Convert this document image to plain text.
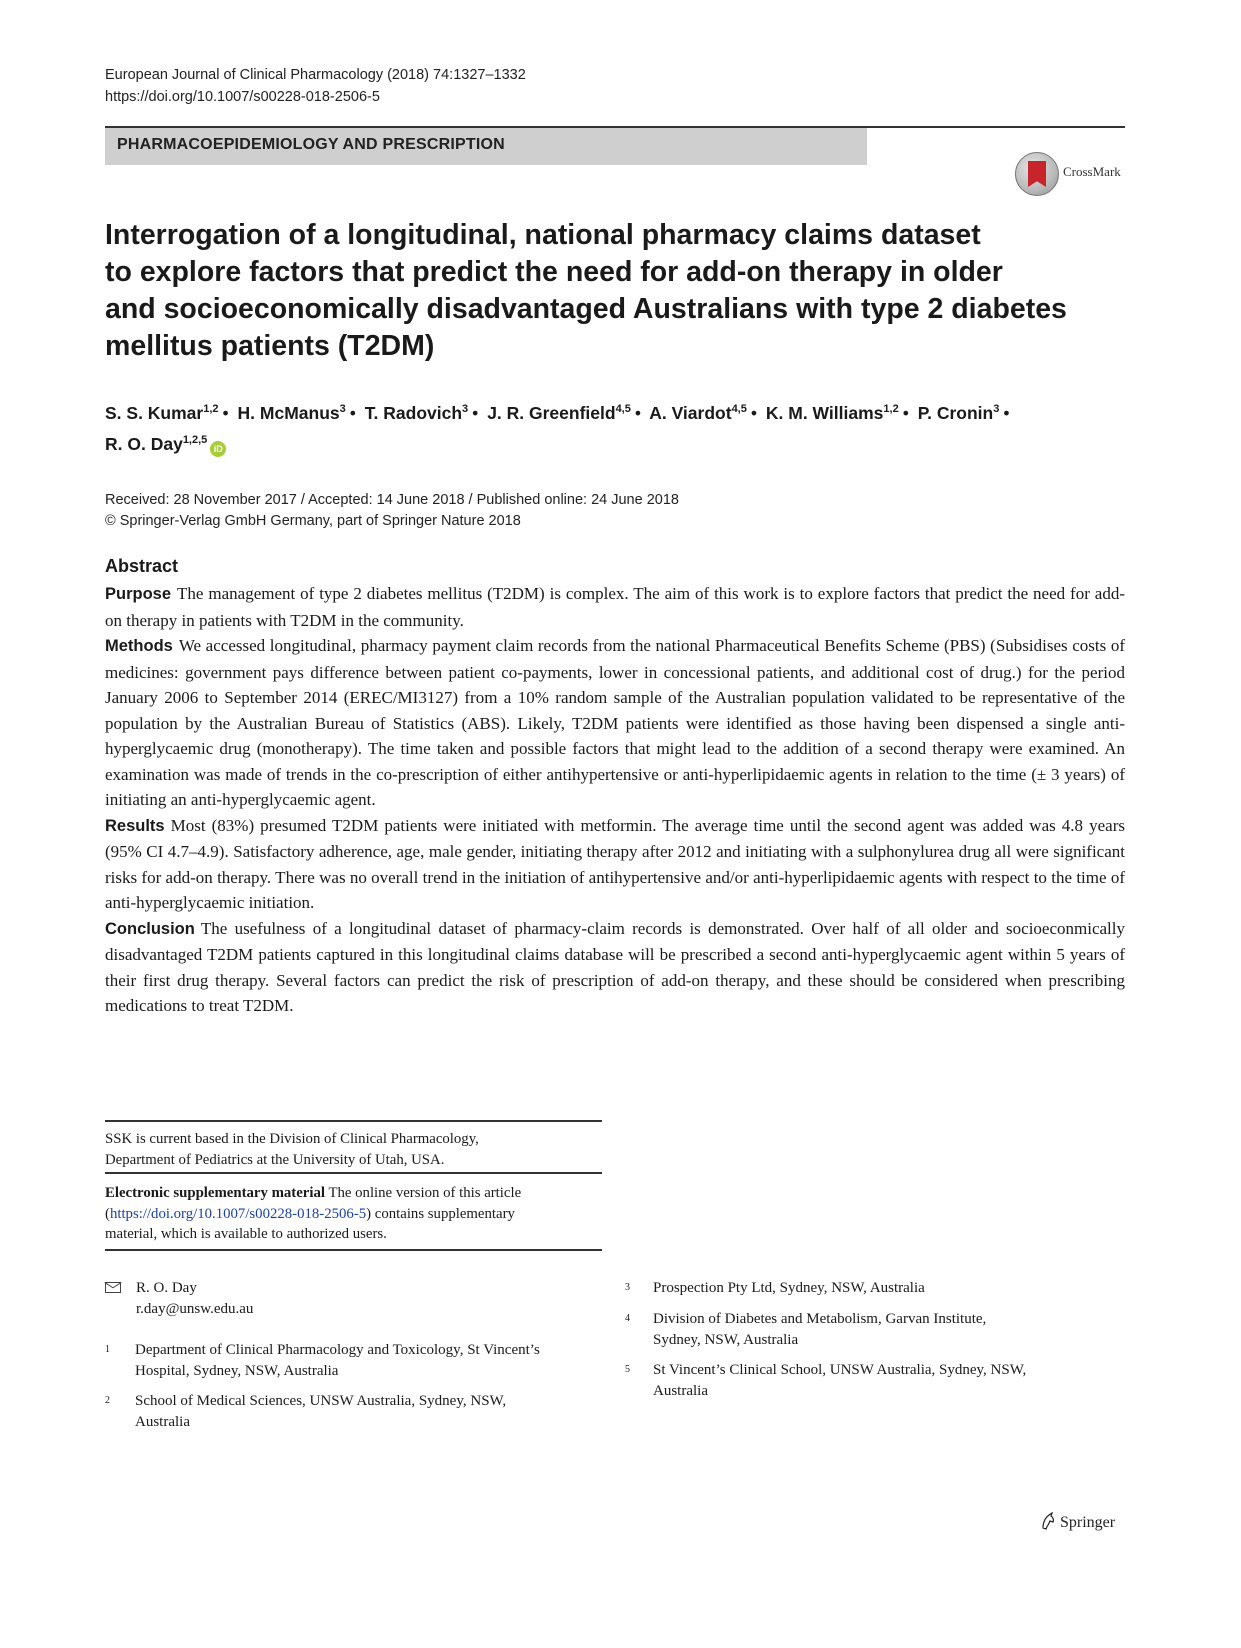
European Journal of Clinical Pharmacology (2018) 74:1327–1332
https://doi.org/10.1007/s00228-018-2506-5
PHARMACOEPIDEMIOLOGY AND PRESCRIPTION
CrossMark
Interrogation of a longitudinal, national pharmacy claims dataset
to explore factors that predict the need for add-on therapy in older
and socioeconomically disadvantaged Australians with type 2 diabetes
mellitus patients (T2DM)
S. S. Kumar$^{1,2}$ • H. McManus$^3$ • T. Radovich$^3$ • J. R. Greenfield$^{4,5}$ • A. Viardot$^{4,5}$ • K. M. Williams$^{1,2}$ • P. Cronin$^3$ •
R. O. Day$^{1,2,5}$iD
Received: 28 November 2017 / Accepted: 14 June 2018 / Published online: 24 June 2018
© Springer-Verlag GmbH Germany, part of Springer Nature 2018
Abstract

Purpose The management of type 2 diabetes mellitus (T2DM) is complex. The aim of this work is to explore factors that predict the need for add-on therapy in patients with T2DM in the community.

Methods We accessed longitudinal, pharmacy payment claim records from the national Pharmaceutical Benefits Scheme (PBS) (Subsidises costs of medicines: government pays difference between patient co-payments, lower in concessional patients, and additional cost of drug.) for the period January 2006 to September 2014 (EREC/MI3127) from a 10% random sample of the Australian population validated to be representative of the population by the Australian Bureau of Statistics (ABS). Likely, T2DM patients were identified as those having been dispensed a single anti-hyperglycaemic drug (monotherapy). The time taken and possible factors that might lead to the addition of a second therapy were examined. An examination was made of trends in the co-prescription of either antihypertensive or anti-hyperlipidaemic agents in relation to the time (± 3 years) of initiating an anti-hyperglycaemic agent.

Results Most (83%) presumed T2DM patients were initiated with metformin. The average time until the second agent was added was 4.8 years (95% CI 4.7–4.9). Satisfactory adherence, age, male gender, initiating therapy after 2012 and initiating with a sulphonylurea drug all were significant risks for add-on therapy. There was no overall trend in the initiation of antihypertensive and/or anti-hyperlipidaemic agents with respect to the time of anti-hyperglycaemic initiation.

Conclusion The usefulness of a longitudinal dataset of pharmacy-claim records is demonstrated. Over half of all older and socioeconmically disadvantaged T2DM patients captured in this longitudinal claims database will be prescribed a second anti-hyperglycaemic agent within 5 years of their first drug therapy. Several factors can predict the risk of prescription of add-on therapy, and these should be considered when prescribing medications to treat T2DM.

SSK is current based in the Division of Clinical Pharmacology,
Department of Pediatrics at the University of Utah, USA.
Electronic supplementary material The online version of this article
(https://doi.org/10.1007/s00228-018-2506-5) contains supplementary
material, which is available to authorized users.
R. O. Day
r.day@unsw.edu.au
1 Department of Clinical Pharmacology and Toxicology, St Vincent’s
Hospital, Sydney, NSW, Australia
2 School of Medical Sciences, UNSW Australia, Sydney, NSW,
Australia
3 Prospection Pty Ltd, Sydney, NSW, Australia
4 Division of Diabetes and Metabolism, Garvan Institute,
Sydney, NSW, Australia
5 St Vincent’s Clinical School, UNSW Australia, Sydney, NSW,
Australia
Springer
